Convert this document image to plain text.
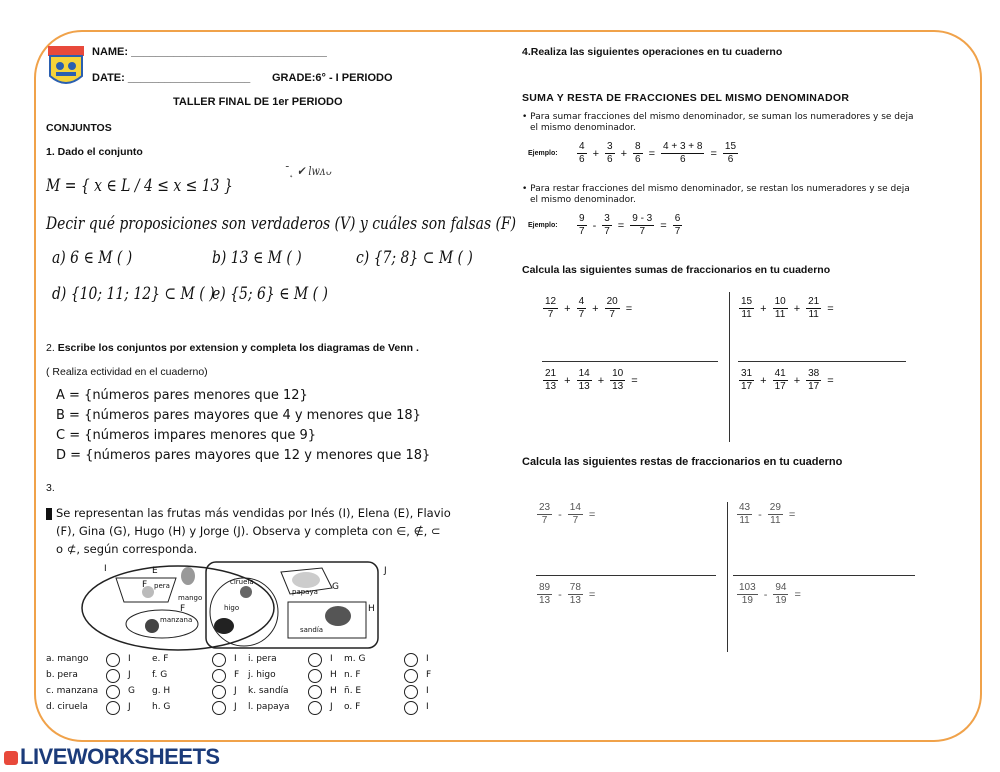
NAME: ________________________________
DATE: ____________________ GRADE:6° - I PERIODO
TALLER FINAL DE 1er PERIODO
CONJUNTOS
1. Dado el conjunto
M = { x ∈ L / 4 ≤ x ≤ 13 }
¯˛ ✔ lwᴧᴗ
Decir qué proposiciones son verdaderos (V) y cuáles son falsas (F)
a) 6 ∈ M ( )	b) 13 ∈ M ( )	c) {7; 8} ⊂ M ( )
d) {10; 11; 12} ⊂ M ( )
e) {5; 6} ∈ M ( )
2. Escribe los conjuntos por extension y completa los diagramas de Venn .
( Realiza ectividad en el cuaderno)
A = {números pares menores que 12}
B = {números pares mayores que 4 y menores que 18}
C = {números impares menores que 9}
D = {números pares mayores que 12 y menores que 18}
3.
Se representan las frutas más vendidas por Inés (I), Elena (E), Flavio
(F), Gina (G), Hugo (H) y Jorge (J). Observa y completa con ∈, ∉, ⊂
o ⊄, según corresponda.
I	E	J
F
F
G
H
pera
mango
ciruela
papaya
higo
manzana
sandía
a. mango	I e. F	I i. pera	I m. G	I
b. pera	J f. G	F j. higo	H n. F	F
c. manzana	G g. H	J k. sandía	H ñ. E	I
d. ciruela	J h. G	J l. papaya	J o. F	I
4.Realiza las siguientes operaciones en tu cuaderno
SUMA Y RESTA DE FRACCIONES DEL MISMO DENOMINADOR
• Para sumar fracciones del mismo denominador, se suman los numeradores y se deja
el mismo denominador.
Ejemplo: $\frac{4}{6} + \frac{3}{6} + \frac{8}{6} = \frac{4 + 3 + 8}{6} = \frac{15}{6}$
• Para restar fracciones del mismo denominador, se restan los numeradores y se deja
el mismo denominador.
Ejemplo: $\frac{9}{7} - \frac{3}{7} = \frac{9 - 3}{7} = \frac{6}{7}$
Calcula las siguientes sumas de fraccionarios en tu cuaderno
$\frac{12}{7} + \frac{4}{7} + \frac{20}{7}$ =	$\frac{15}{11} + \frac{10}{11} + \frac{21}{11}$ =
$\frac{21}{13} + \frac{14}{13} + \frac{10}{13}$ =	$\frac{31}{17} + \frac{41}{17} + \frac{38}{17}$ =
Calcula las siguientes restas de fraccionarios en tu cuaderno
$\frac{23}{7} - \frac{14}{7}$ =	$\frac{43}{11} - \frac{29}{11}$ =
$\frac{89}{13} - \frac{78}{13}$ =	$\frac{103}{19} - \frac{94}{19}$ =
LIVEWORKSHEETS
